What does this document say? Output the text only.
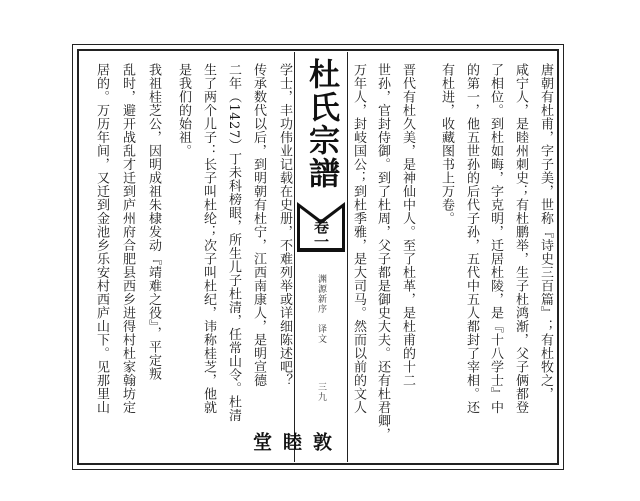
唐朝有杜甫，字子美，世称『诗史三百篇』；有杜牧之，
咸宁人，是睦州刺史；有杜鹏举，生子杜鸿渐，父子俩都登
了相位。到杜如晦，字克明，迁居杜陵，是『十八学士』中
的第一，他五世孙的后代子孙，五代中五人都封了宰相。还
有杜进，收藏图书上万卷。
晋代有杜久美，是神仙中人。至了杜革，是杜甫的十二
世孙，官封侍御。到了杜周，父子都是御史大夫。还有杜君卿，
万年人，封岐国公；到杜季雅，是大司马。然而以前的文人
杜氏宗譜
卷一
渊源新序　译文
三九
敦睦堂
学士，丰功伟业记载在史册，不难列举或详细陈述吧？
传承数代以后，到明朝有杜宁，江西南康人，是明宣德
二年（1427）丁未科榜眼，所生儿子杜清，任常山令。杜清
生了两个儿子：长子叫杜纶；次子叫杜纪，讳称桂芝，他就
是我们的始祖。
我祖桂芝公，因明成祖朱棣发动『靖难之役』，平定叛
乱时，避开战乱才迁到庐州府合肥县西乡进得村杜家翰坊定
居的。万历年间，又迁到金池乡乐安村西庐山下。见那里山
